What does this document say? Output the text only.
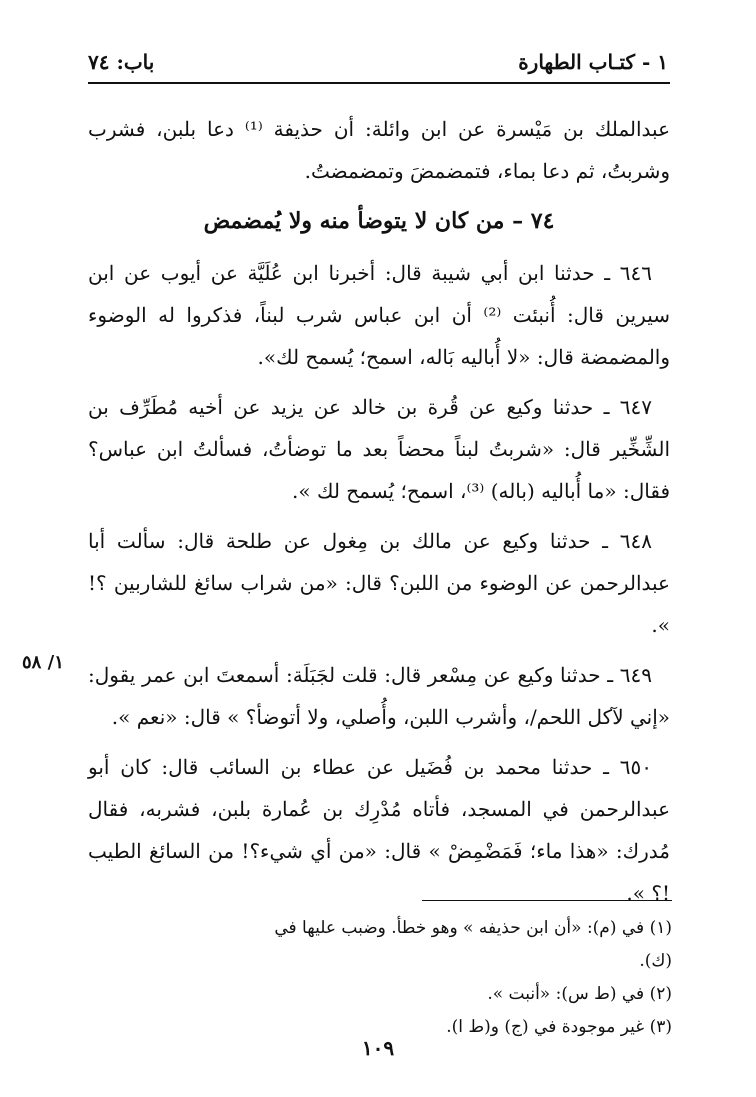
١ - كتـاب الطهارة
باب: ٧٤

عبدالملك بن مَيْسرة عن ابن وائلة: أن حذيفة ⁽¹⁾ دعا بلبن، فشرب وشربتُ، ثم دعا بماء، فتمضمضَ وتمضمضتُ.

٧٤ – من كان لا يتوضأ منه ولا يُمضمض

٦٤٦ ـ حدثنا ابن أبي شيبة قال: أخبرنا ابن عُلَيَّة عن أيوب عن ابن سيرين قال: أُنبئت ⁽²⁾ أن ابن عباس شرب لبناً، فذكروا له الوضوء والمضمضة قال: «لا أُباليه بَاله، اسمح؛ يُسمح لك».

٦٤٧ ـ حدثنا وكيع عن قُرة بن خالد عن يزيد عن أخيه مُطَرِّف بن الشِّخِّير قال: «شربتُ لبناً محضاً بعد ما توضأتُ، فسألتُ ابن عباس؟ فقال: «ما أُباليه (باله) ⁽³⁾، اسمح؛ يُسمح لك ».

٦٤٨ ـ حدثنا وكيع عن مالك بن مِغول عن طلحة قال: سألت أبا عبدالرحمن عن الوضوء من اللبن؟ قال: «من شراب سائغ للشاربين ؟! ».

٦٤٩ ـ حدثنا وكيع عن مِسْعر قال: قلت لجَبَلَة: أسمعتَ ابن عمر يقول: «إني لآكل اللحم/، وأشرب اللبن، وأُصلي، ولا أتوضأ؟ » قال: «نعم ».

٦٥٠ ـ حدثنا محمد بن فُضَيل عن عطاء بن السائب قال: كان أبو عبدالرحمن في المسجد، فأتاه مُدْرِك بن عُمارة بلبن، فشربه، فقال مُدرك: «هذا ماء؛ فَمَضْمِضْ » قال: «من أي شيء؟! من السائغ الطيب !؟ ».

١/ ٥٨

(١) في (م): «أن ابن حذيفه » وهو خطأ. وضبب عليها في (ك).

(٢) في (ط س): «أنبت ».

(٣) غير موجودة في (ج) و(ط ا).

١٠٩
